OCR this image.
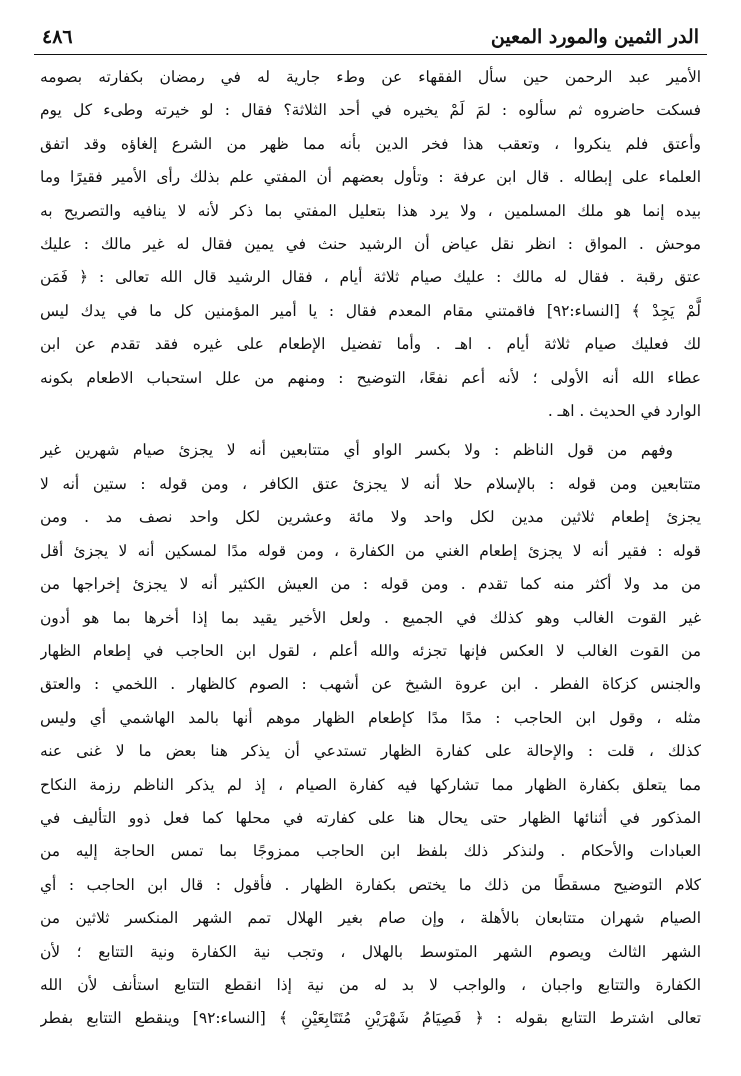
الدر الثمين والمورد المعين
٤٨٦

الأمير عبد الرحمن حين سأل الفقهاء عن وطء جارية له في رمضان بكفارته بصومه
فسكت حاضروه ثم سألوه : لمَ لَمْ يخيره في أحد الثلاثة؟ فقال : لو خيرته وطىء كل يوم
وأعتق فلم ينكروا ، وتعقب هذا فخر الدين بأنه مما ظهر من الشرع إلغاؤه وقد اتفق
العلماء على إبطاله . قال ابن عرفة : وتأول بعضهم أن المفتي علم بذلك رأى الأمير فقيرًا وما
بيده إنما هو ملك المسلمين ، ولا يرد هذا بتعليل المفتي بما ذكر لأنه لا ينافيه والتصريح به
موحش . المواق : انظر نقل عياض أن الرشيد حنث في يمين فقال له غير مالك : عليك
عتق رقبة . فقال له مالك : عليك صيام ثلاثة أيام ، فقال الرشيد قال الله تعالى : ﴿ فَمَن
لَّمْ يَجِدْ ﴾ [النساء:٩٢] فاقمتني مقام المعدم فقال : يا أمير المؤمنين كل ما في يدك ليس
لك فعليك صيام ثلاثة أيام . اهـ . وأما تفضيل الإطعام على غيره فقد تقدم عن ابن
عطاء الله أنه الأولى ؛ لأنه أعم نفعًا، التوضيح : ومنهم من علل استحباب الاطعام بكونه
الوارد في الحديث . اهـ .

وفهم من قول الناظم : ولا بكسر الواو أي متتابعين أنه لا يجزئ صيام شهرين غير
متتابعين ومن قوله : بالإسلام حلا أنه لا يجزئ عتق الكافر ، ومن قوله : ستين أنه لا
يجزئ إطعام ثلاثين مدين لكل واحد ولا مائة وعشرين لكل واحد نصف مد . ومن
قوله : فقير أنه لا يجزئ إطعام الغني من الكفارة ، ومن قوله مدًا لمسكين أنه لا يجزئ أقل
من مد ولا أكثر منه كما تقدم . ومن قوله : من العيش الكثير أنه لا يجزئ إخراجها من
غير القوت الغالب وهو كذلك في الجميع . ولعل الأخير يقيد بما إذا أخرها بما هو أدون
من القوت الغالب لا العكس فإنها تجزئه والله أعلم ، لقول ابن الحاجب في إطعام الظهار
والجنس كزكاة الفطر . ابن عروة الشيخ عن أشهب : الصوم كالظهار . اللخمي : والعتق
مثله ، وقول ابن الحاجب : مدًا مدًا كإطعام الظهار موهم أنها بالمد الهاشمي أي وليس
كذلك ، قلت : والإحالة على كفارة الظهار تستدعي أن يذكر هنا بعض ما لا غنى عنه
مما يتعلق بكفارة الظهار مما تشاركها فيه كفارة الصيام ، إذ لم يذكر الناظم رزمة النكاح
المذكور في أثنائها الظهار حتى يحال هنا على كفارته في محلها كما فعل ذوو التأليف في
العبادات والأحكام . ولنذكر ذلك بلفظ ابن الحاجب ممزوجًا بما تمس الحاجة إليه من
كلام التوضيح مسقطًا من ذلك ما يختص بكفارة الظهار . فأقول : قال ابن الحاجب : أي
الصيام شهران متتابعان بالأهلة ، وإن صام بغير الهلال تمم الشهر المنكسر ثلاثين من
الشهر الثالث ويصوم الشهر المتوسط بالهلال ، وتجب نية الكفارة ونية التتابع ؛ لأن
الكفارة والتتابع واجبان ، والواجب لا بد له من نية إذا انقطع التتابع استأنف لأن الله
تعالى اشترط التتابع بقوله : ﴿ فَصِيَامُ شَهْرَيْنِ مُتَتَابِعَيْنِ ﴾ [النساء:٩٢] وينقطع التتابع بفطر
